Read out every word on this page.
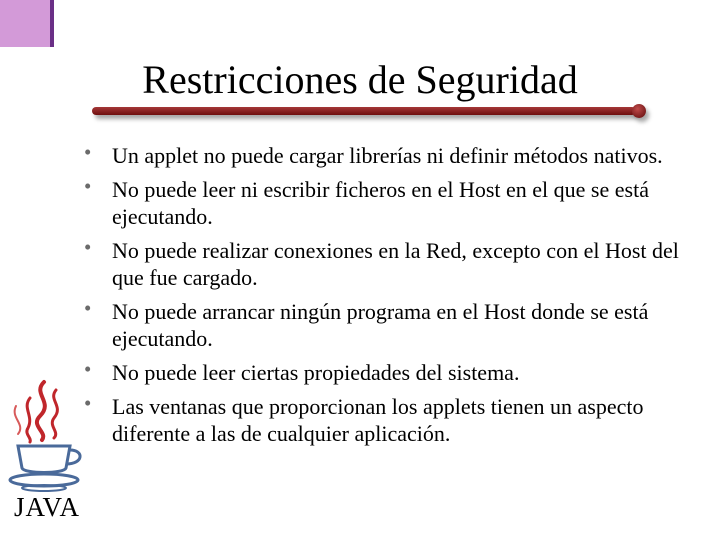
Restricciones de Seguridad
• Un applet no puede cargar librerías ni definir métodos nativos.
• No puede leer ni escribir ficheros en el Host en el que se está ejecutando.
• No puede realizar conexiones en la Red, excepto con el Host del que fue cargado.
• No puede arrancar ningún programa en el Host donde se está ejecutando.
• No puede leer ciertas propiedades del sistema.
• Las ventanas que proporcionan los applets tienen un aspecto diferente a las de cualquier aplicación.
JAVA
